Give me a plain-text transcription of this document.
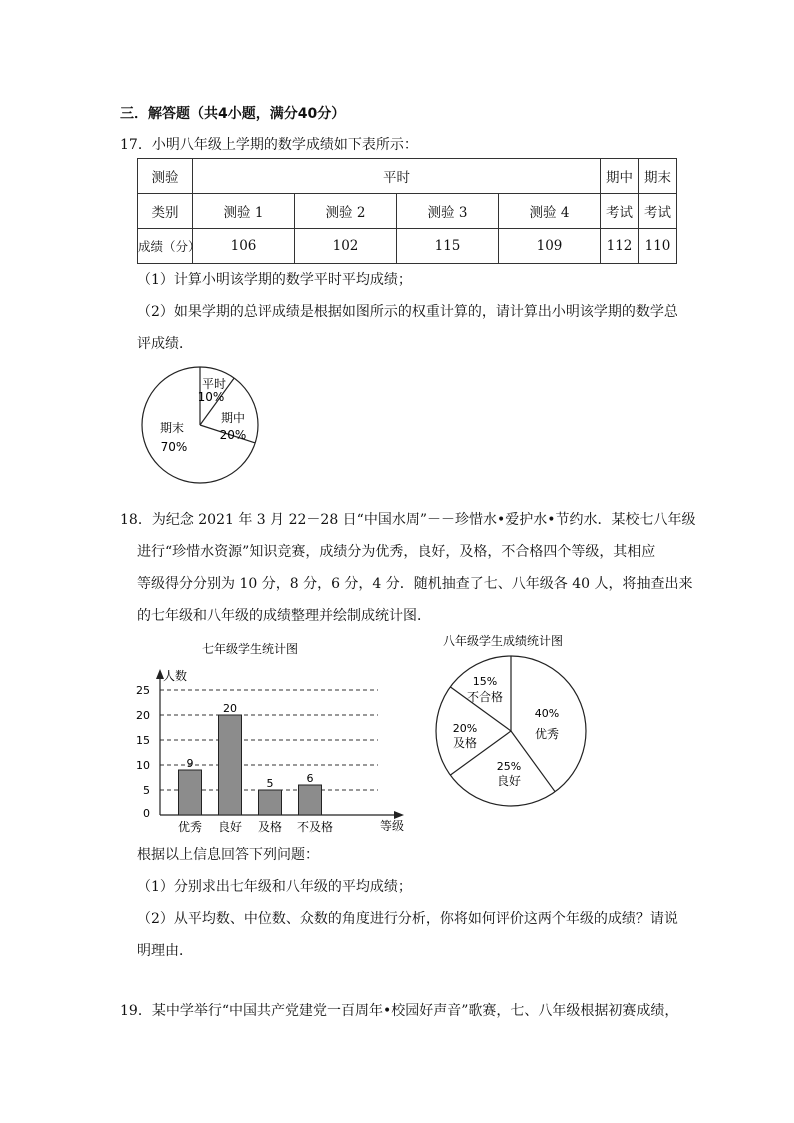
三．解答题（共4小题，满分40分）
17．小明八年级上学期的数学成绩如下表所示：
测验	平时				期中	期末
类别	测验 1	测验 2	测验 3	测验 4	考试	考试
成绩（分）	106	102	115	109	112	110
（1）计算小明该学期的数学平时平均成绩；
（2）如果学期的总评成绩是根据如图所示的权重计算的，请计算出小明该学期的数学总
评成绩．
平时
10%
期中
20%
期末
70%
18．为纪念 2021 年 3 月 22－28 日“中国水周”－－珍惜水•爱护水•节约水．某校七八年级
进行“珍惜水资源”知识竞赛，成绩分为优秀，良好，及格，不合格四个等级，其相应
等级得分分别为 10 分，8 分，6 分，4 分．随机抽查了七、八年级各 40 人，将抽查出来
的七年级和八年级的成绩整理并绘制成统计图．
七年级学生统计图
人数
等级
0
5
10
15
20
25
9
优秀
20
良好
5
及格
6
不及格
八年级学生成绩统计图
40%
优秀
25%
良好
20%
及格
15%
不合格
根据以上信息回答下列问题：
（1）分别求出七年级和八年级的平均成绩；
（2）从平均数、中位数、众数的角度进行分析，你将如何评价这两个年级的成绩？请说
明理由．
19．某中学举行“中国共产党建党一百周年•校园好声音”歌赛，七、八年级根据初赛成绩，
